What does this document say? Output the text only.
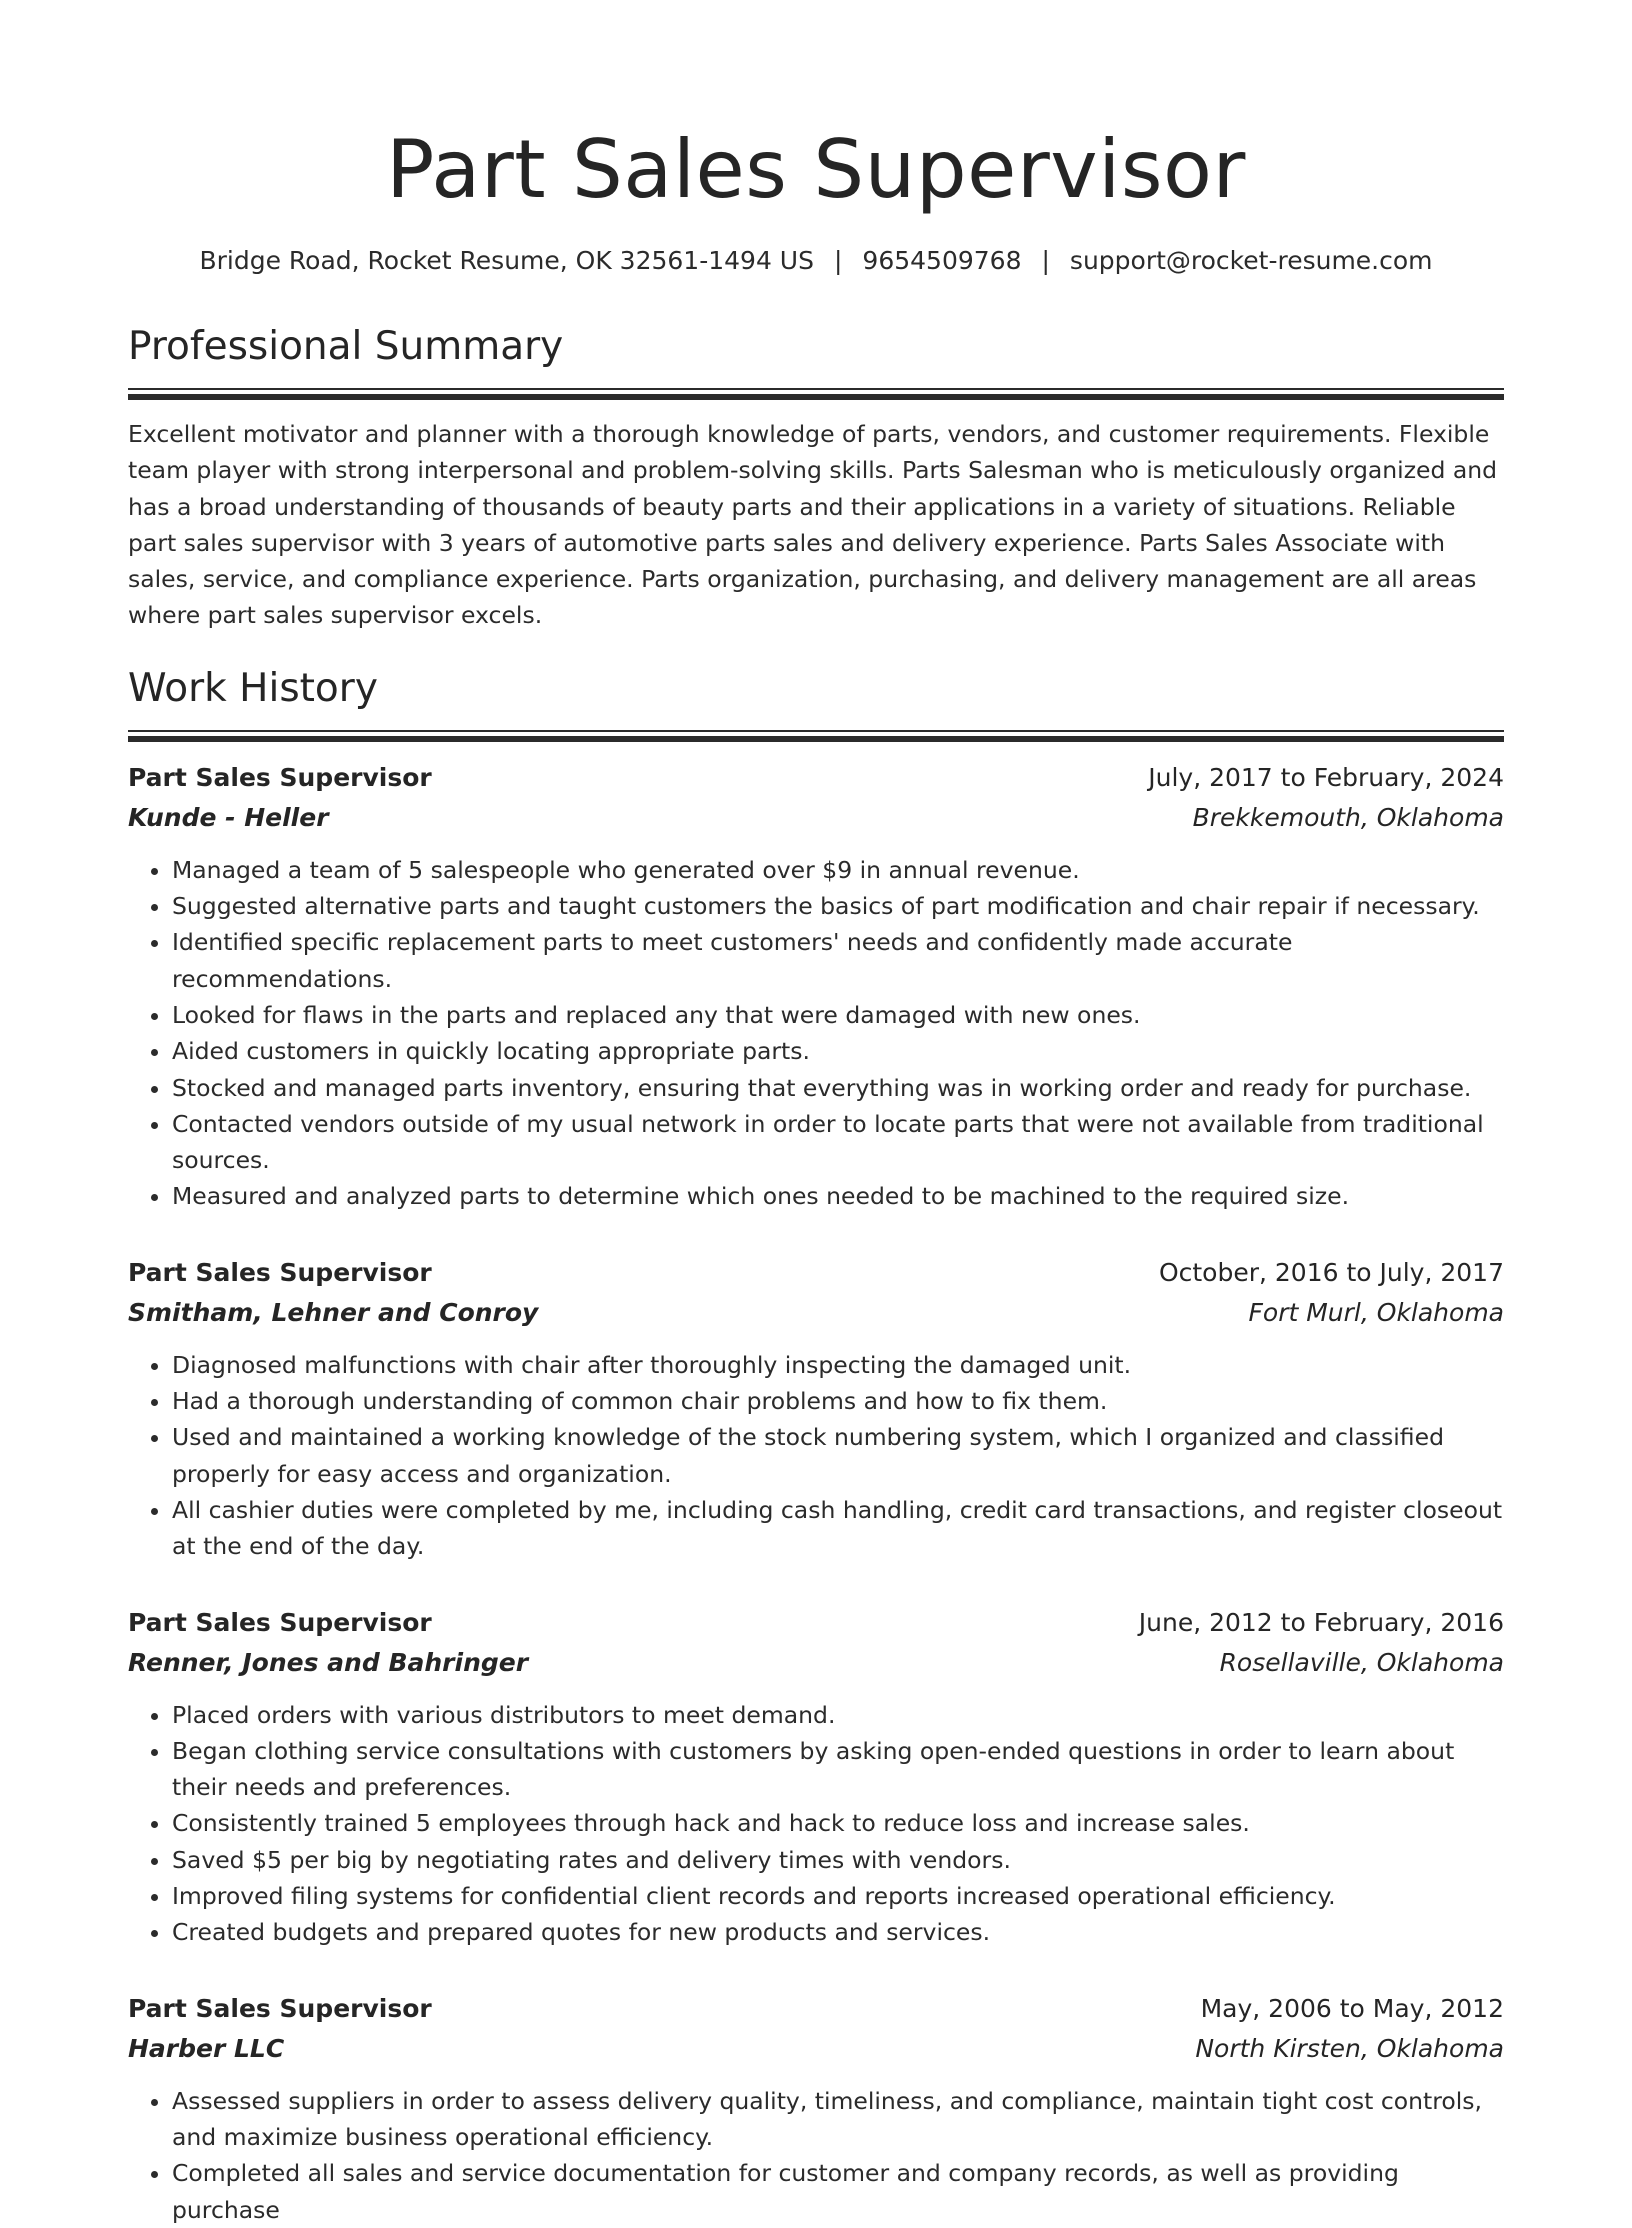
Part Sales Supervisor
Bridge Road, Rocket Resume, OK 32561-1494 US | 9654509768 | support@rocket-resume.com
Professional Summary

Excellent motivator and planner with a thorough knowledge of parts, vendors, and customer requirements. Flexible team player with strong interpersonal and problem-solving skills. Parts Salesman who is meticulously organized and has a broad understanding of thousands of beauty parts and their applications in a variety of situations. Reliable part sales supervisor with 3 years of automotive parts sales and delivery experience. Parts Sales Associate with sales, service, and compliance experience. Parts organization, purchasing, and delivery management are all areas where part sales supervisor excels.

Work History
Part Sales Supervisor	July, 2017 to February, 2024
Kunde - Heller	Brekkemouth, Oklahoma
• Managed a team of 5 salespeople who generated over $9 in annual revenue.
• Suggested alternative parts and taught customers the basics of part modification and chair repair if necessary.
• Identified specific replacement parts to meet customers' needs and confidently made accurate recommendations.
• Looked for flaws in the parts and replaced any that were damaged with new ones.
• Aided customers in quickly locating appropriate parts.
• Stocked and managed parts inventory, ensuring that everything was in working order and ready for purchase.
• Contacted vendors outside of my usual network in order to locate parts that were not available from traditional sources.
• Measured and analyzed parts to determine which ones needed to be machined to the required size.
Part Sales Supervisor	October, 2016 to July, 2017
Smitham, Lehner and Conroy	Fort Murl, Oklahoma
• Diagnosed malfunctions with chair after thoroughly inspecting the damaged unit.
• Had a thorough understanding of common chair problems and how to fix them.
• Used and maintained a working knowledge of the stock numbering system, which I organized and classified properly for easy access and organization.
• All cashier duties were completed by me, including cash handling, credit card transactions, and register closeout at the end of the day.
Part Sales Supervisor	June, 2012 to February, 2016
Renner, Jones and Bahringer	Rosellaville, Oklahoma
• Placed orders with various distributors to meet demand.
• Began clothing service consultations with customers by asking open-ended questions in order to learn about their needs and preferences.
• Consistently trained 5 employees through hack and hack to reduce loss and increase sales.
• Saved $5 per big by negotiating rates and delivery times with vendors.
• Improved filing systems for confidential client records and reports increased operational efficiency.
• Created budgets and prepared quotes for new products and services.
Part Sales Supervisor	May, 2006 to May, 2012
Harber LLC	North Kirsten, Oklahoma
• Assessed suppliers in order to assess delivery quality, timeliness, and compliance, maintain tight cost controls, and maximize business operational efficiency.
• Completed all sales and service documentation for customer and company records, as well as providing purchase
